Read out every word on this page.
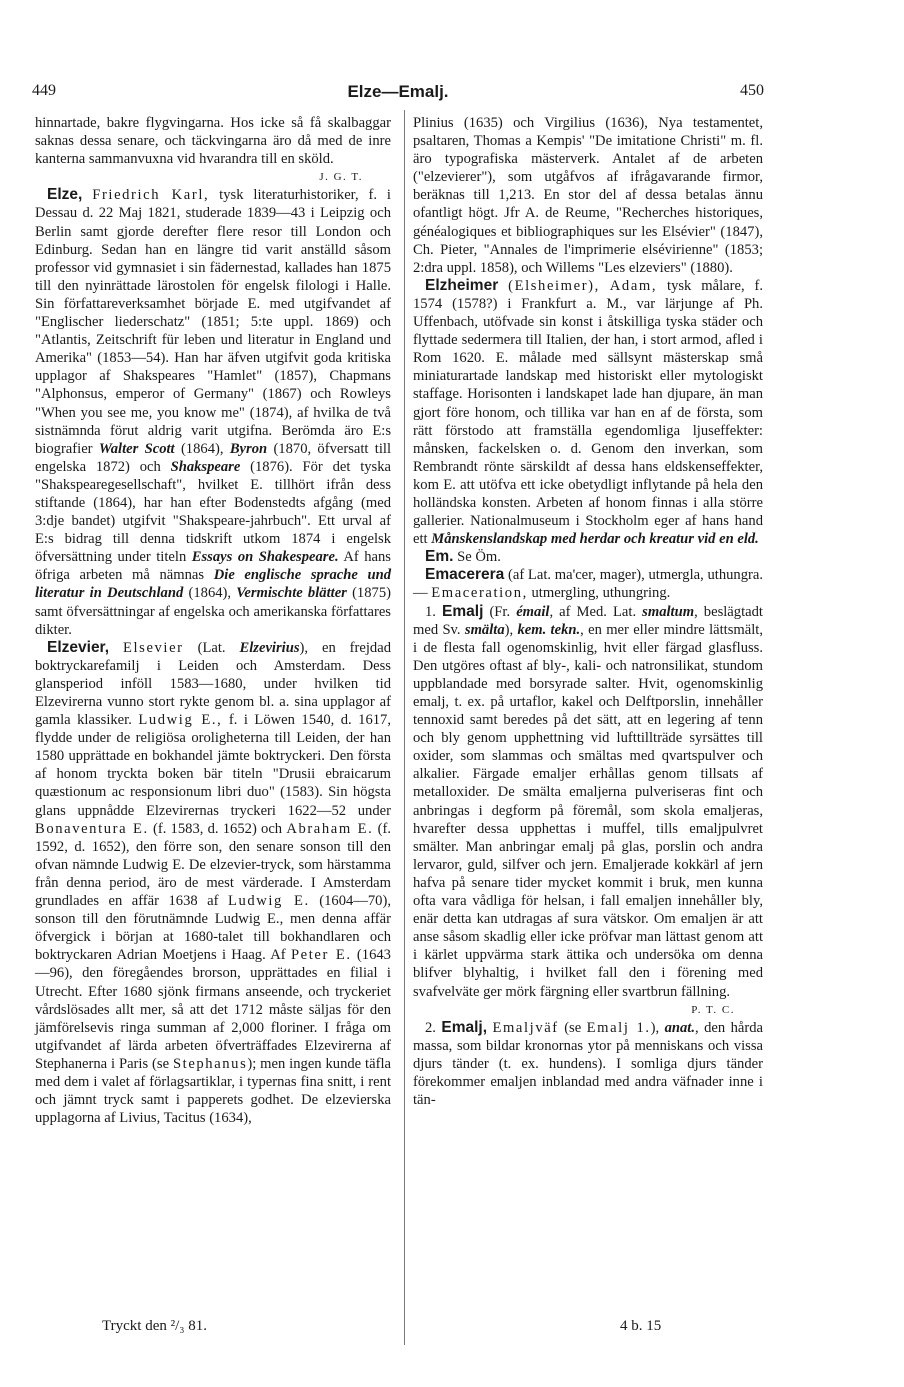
449	Elze—Emalj.	450

hinnartade, bakre flygvingarna. Hos icke så få skalbaggar saknas dessa senare, och täckvingarna äro då med de inre kanterna sammanvuxna vid hvarandra till en sköld.
J. G. T.

Elze, Friedrich Karl, tysk literaturhistoriker, f. i Dessau d. 22 Maj 1821, studerade 1839—43 i Leipzig och Berlin samt gjorde derefter flere resor till London och Edinburg. Sedan han en längre tid varit anställd såsom professor vid gymnasiet i sin fädernestad, kallades han 1875 till den nyinrättade lärostolen för engelsk filologi i Halle. Sin författareverksamhet började E. med utgifvandet af "Englischer liederschatz" (1851; 5:te uppl. 1869) och "Atlantis, Zeitschrift für leben und literatur in England und Amerika" (1853—54). Han har äfven utgifvit goda kritiska upplagor af Shakspeares "Hamlet" (1857), Chapmans "Alphonsus, emperor of Germany" (1867) och Rowleys "When you see me, you know me" (1874), af hvilka de två sistnämnda förut aldrig varit utgifna. Berömda äro E:s biografier Walter Scott (1864), Byron (1870, öfversatt till engelska 1872) och Shakspeare (1876). För det tyska "Shakspearegesellschaft", hvilket E. tillhört ifrån dess stiftande (1864), har han efter Bodenstedts afgång (med 3:dje bandet) utgifvit "Shakspeare-jahrbuch". Ett urval af E:s bidrag till denna tidskrift utkom 1874 i engelsk öfversättning under titeln Essays on Shakespeare. Af hans öfriga arbeten må nämnas Die englische sprache und literatur in Deutschland (1864), Vermischte blätter (1875) samt öfversättningar af engelska och amerikanska författares dikter.

Elzevier, Elsevier (Lat. Elzevirius), en frejdad boktryckarefamilj i Leiden och Amsterdam. Dess glansperiod inföll 1583—1680, under hvilken tid Elzevirerna vunno stort rykte genom bl. a. sina upplagor af gamla klassiker. Ludwig E., f. i Löwen 1540, d. 1617, flydde under de religiösa oroligheterna till Leiden, der han 1580 upprättade en bokhandel jämte boktryckeri. Den första af honom tryckta boken bär titeln "Drusii ebraicarum quæstionum ac responsionum libri duo" (1583). Sin högsta glans uppnådde Elzevirernas tryckeri 1622—52 under Bonaventura E. (f. 1583, d. 1652) och Abraham E. (f. 1592, d. 1652), den förre son, den senare sonson till den ofvan nämnde Ludwig E. De elzevier-tryck, som härstamma från denna period, äro de mest värderade. I Amsterdam grundlades en affär 1638 af Ludwig E. (1604—70), sonson till den förutnämnde Ludwig E., men denna affär öfvergick i början at 1680-talet till bokhandlaren och boktryckaren Adrian Moetjens i Haag. Af Peter E. (1643—96), den föregåendes brorson, upprättades en filial i Utrecht. Efter 1680 sjönk firmans anseende, och tryckeriet vårdslösades allt mer, så att det 1712 måste säljas för den jämförelsevis ringa summan af 2,000 floriner. I fråga om utgifvandet af lärda arbeten öfverträffades Elzevirerna af Stephanerna i Paris (se Stephanus); men ingen kunde täfla med dem i valet af förlagsartiklar, i typernas fina snitt, i rent och jämnt tryck samt i papperets godhet. De elzevierska upplagorna af Livius, Tacitus (1634),

Plinius (1635) och Virgilius (1636), Nya testamentet, psaltaren, Thomas a Kempis' "De imitatione Christi" m. fl. äro typografiska mästerverk. Antalet af de arbeten ("elzevierer"), som utgåfvos af ifrågavarande firmor, beräknas till 1,213. En stor del af dessa betalas ännu ofantligt högt. Jfr A. de Reume, "Recherches historiques, généalogiques et bibliographiques sur les Elsévier" (1847), Ch. Pieter, "Annales de l'imprimerie elsévirienne" (1853; 2:dra uppl. 1858), och Willems "Les elzeviers" (1880).

Elzheimer (Elsheimer), Adam, tysk målare, f. 1574 (1578?) i Frankfurt a. M., var lärjunge af Ph. Uffenbach, utöfvade sin konst i åtskilliga tyska städer och flyttade sedermera till Italien, der han, i stort armod, afled i Rom 1620. E. målade med sällsynt mästerskap små miniaturartade landskap med historiskt eller mytologiskt staffage. Horisonten i landskapet lade han djupare, än man gjort före honom, och tillika var han en af de första, som rätt förstodo att framställa egendomliga ljuseffekter: månsken, fackelsken o. d. Genom den inverkan, som Rembrandt rönte särskildt af dessa hans eldskenseffekter, kom E. att utöfva ett icke obetydligt inflytande på hela den holländska konsten. Arbeten af honom finnas i alla större gallerier. Nationalmuseum i Stockholm eger af hans hand ett Månskenslandskap med herdar och kreatur vid en eld.

Em. Se Öm.

Emacerera (af Lat. ma'cer, mager), utmergla, uthungra. — Emaceration, utmergling, uthungring.

1. Emalj (Fr. émail, af Med. Lat. smaltum, beslägtadt med Sv. smälta), kem. tekn., en mer eller mindre lättsmält, i de flesta fall ogenomskinlig, hvit eller färgad glasfluss. Den utgöres oftast af bly-, kali- och natronsilikat, stundom uppblandade med borsyrade salter. Hvit, ogenomskinlig emalj, t. ex. på urtaflor, kakel och Delftporslin, innehåller tennoxid samt beredes på det sätt, att en legering af tenn och bly genom upphettning vid lufttillträde syrsättes till oxider, som slammas och smältas med qvartspulver och alkalier. Färgade emaljer erhållas genom tillsats af metalloxider. De smälta emaljerna pulveriseras fint och anbringas i degform på föremål, som skola emaljeras, hvarefter dessa upphettas i muffel, tills emaljpulvret smälter. Man anbringar emalj på glas, porslin och andra lervaror, guld, silfver och jern. Emaljerade kokkärl af jern hafva på senare tider mycket kommit i bruk, men kunna ofta vara vådliga för helsan, i fall emaljen innehåller bly, enär detta kan utdragas af sura vätskor. Om emaljen är att anse såsom skadlig eller icke pröfvar man lättast genom att i kärlet uppvärma stark ättika och undersöka om denna blifver blyhaltig, i hvilket fall den i förening med svafvelväte ger mörk färgning eller svartbrun fällning.
P. T. C.

2. Emalj, Emaljväf (se Emalj 1.), anat., den hårda massa, som bildar kronornas ytor på menniskans och vissa djurs tänder (t. ex. hundens). I somliga djurs tänder förekommer emaljen inblandad med andra väfnader inne i tän-

Tryckt den ²/₃ 81.	4 b. 15
